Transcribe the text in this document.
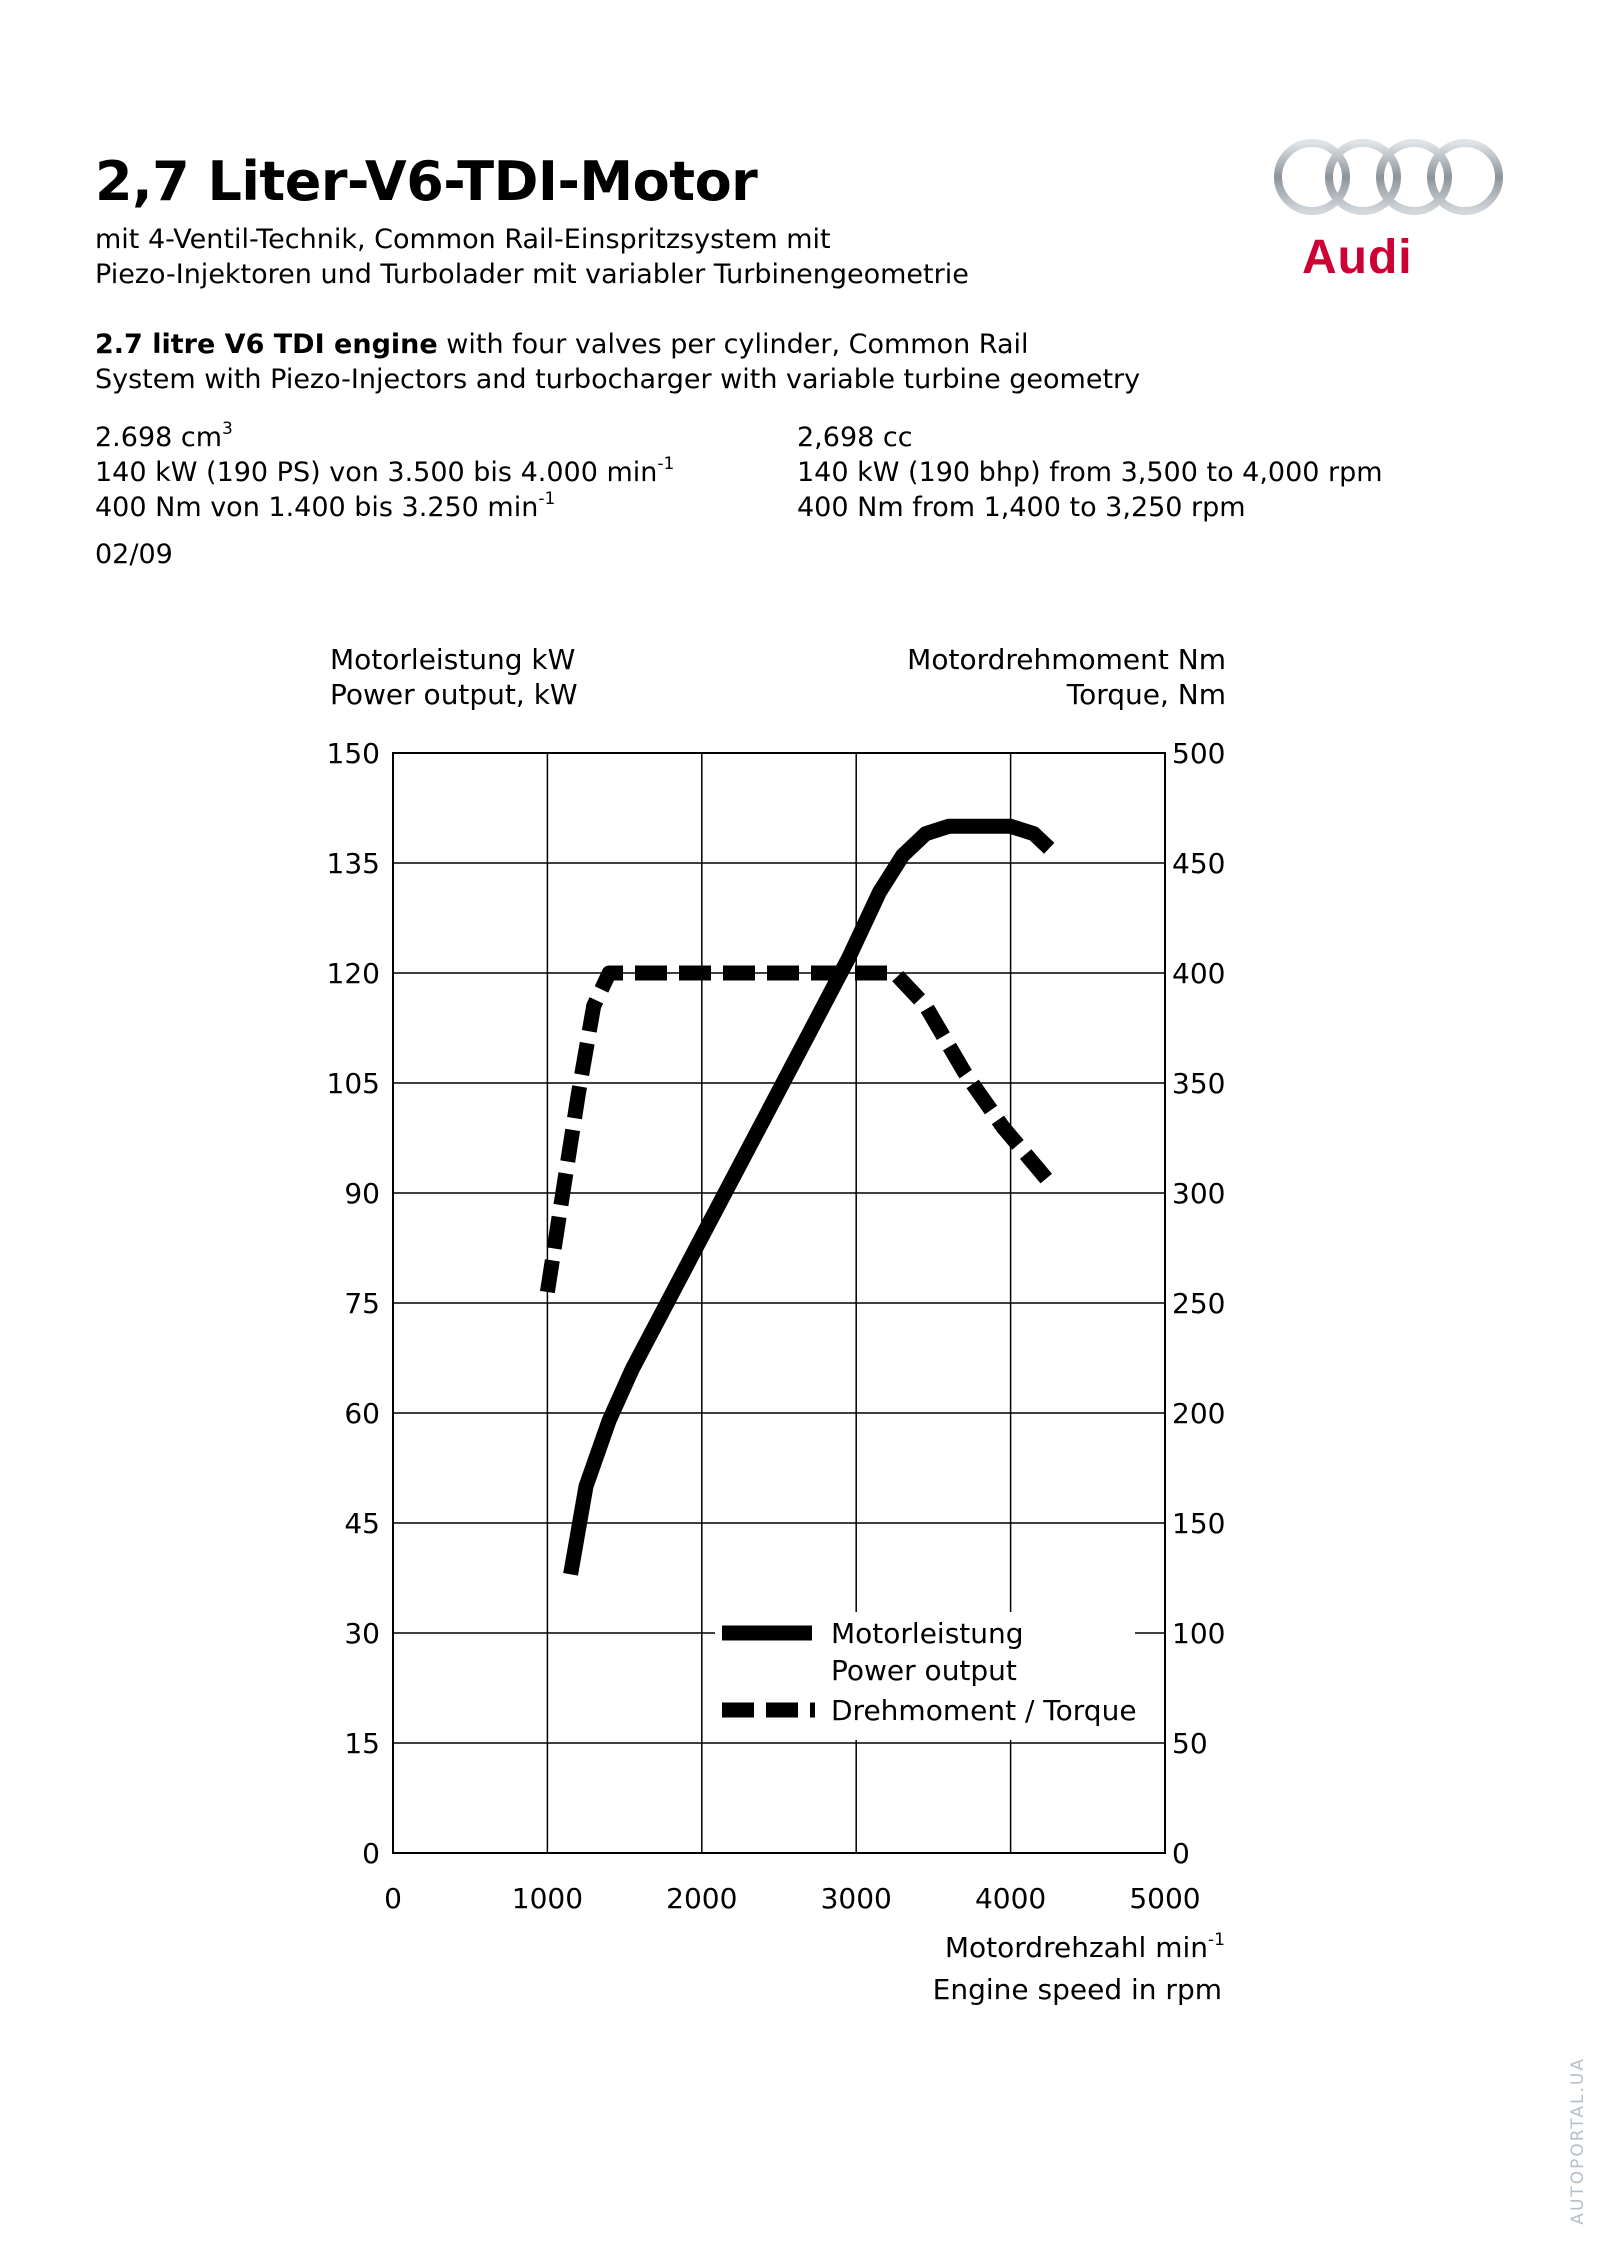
2,7 Liter-V6-TDI-Motor
mit 4-Ventil-Technik, Common Rail-Einspritzsystem mit
Piezo-Injektoren und Turbolader mit variabler Turbinengeometrie
2.7 litre V6 TDI engine with four valves per cylinder, Common Rail
System with Piezo-Injectors and turbocharger with variable turbine geometry
Audi
2.698 $cm^3$
140 kW (190 PS) von 3.500 bis 4.000 $\min^{-1}$
400 Nm von 1.400 bis 3.250 $\min^{-1}$
02/09
2,698 cc
140 kW (190 bhp) from 3,500 to 4,000 rpm
400 Nm from 1,400 to 3,250 rpm
Motorleistung kW
Power output, kW
Motordrehmoment Nm
Torque, Nm
Motordrehzahl $\min^{-1}$
Engine speed in rpm
0	1000	2000	3000	4000	5000
0
15
30
45
60
75
90
105
120
135
150
0
50
100
150
200
250
300
350
400
450
500
Motorleistung
Power output
Drehmoment / Torque
AUTOPORTAL.UA
